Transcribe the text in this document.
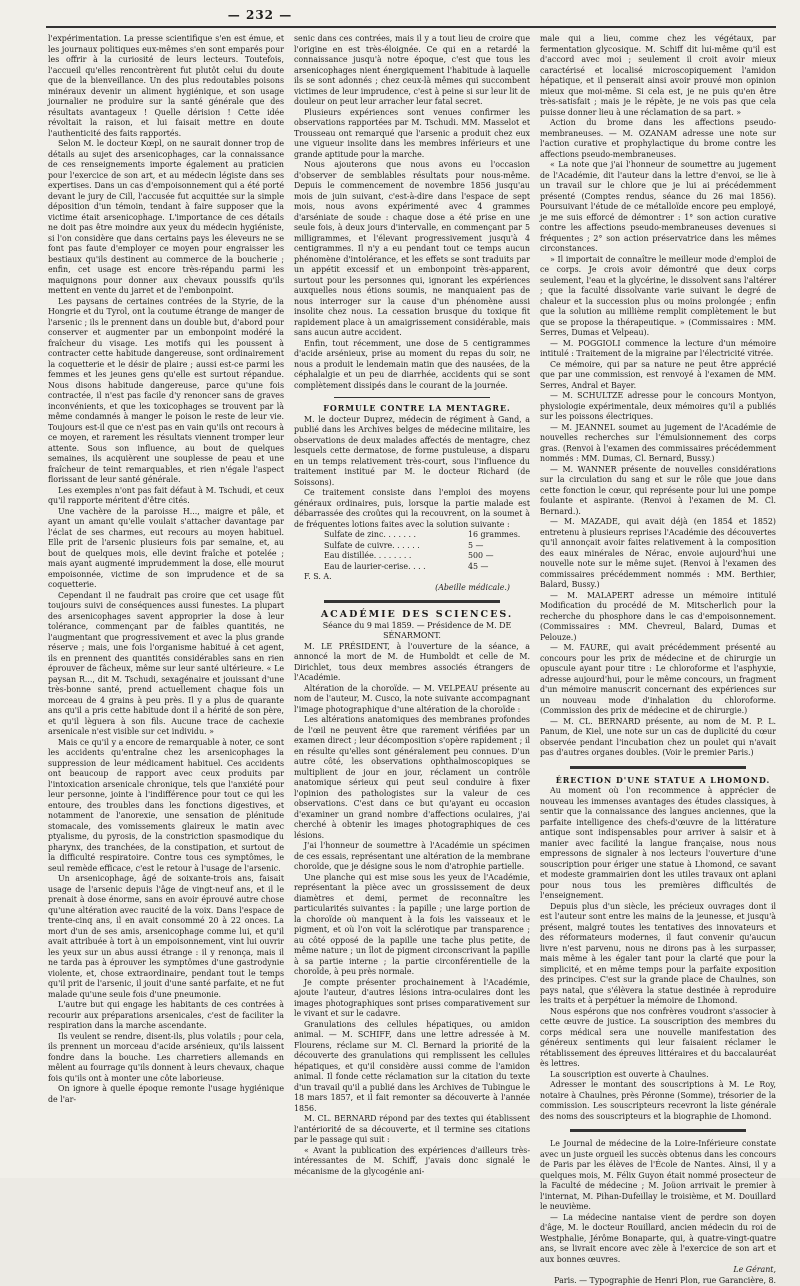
— 232 —

l'expérimentation. La presse scientifique s'en est émue, et les journaux politiques eux-mêmes s'en sont emparés pour les offrir à la curiosité de leurs lecteurs. Toutefois, l'accueil qu'elles rencontrèrent fut plutôt celui du doute que de la bienveillance. Un des plus redoutables poisons minéraux devenir un aliment hygiénique, et son usage journalier ne produire sur la santé générale que des résultats avantageux ! Quelle dérision ! Cette idée révoltait la raison, et lui faisait mettre en doute l'authenticité des faits rapportés.

Selon M. le docteur Kœpl, on ne saurait donner trop de détails au sujet des arsenicophages, car la connaissance de ces renseignements importe également au praticien pour l'exercice de son art, et au médecin légiste dans ses expertises. Dans un cas d'empoisonnement qui a été porté devant le jury de Cill, l'accusée fut acquittée sur la simple déposition d'un témoin, tendant à faire supposer que la victime était arsenicophage. L'importance de ces détails ne doit pas être moindre aux yeux du médecin hygiéniste, si l'on considère que dans certains pays les éleveurs ne se font pas faute d'employer ce moyen pour engraisser les bestiaux qu'ils destinent au commerce de la boucherie ; enfin, cet usage est encore très-répandu parmi les maquignons pour donner aux chevaux poussifs qu'ils mettent en vente du jarret et de l'embonpoint.

Les paysans de certaines contrées de la Styrie, de la Hongrie et du Tyrol, ont la coutume étrange de manger de l'arsenic ; ils le prennent dans un double but, d'abord pour conserver et augmenter par un embonpoint modéré la fraîcheur du visage. Les motifs qui les poussent à contracter cette habitude dangereuse, sont ordinairement la coquetterie et le désir de plaire ; aussi est-ce parmi les femmes et les jeunes gens qu'elle est surtout répandue. Nous disons habitude dangereuse, parce qu'une fois contractée, il n'est pas facile d'y renoncer sans de graves inconvénients, et que les toxicophages se trouvent par là même condamnés à manger le poison le reste de leur vie. Toujours est-il que ce n'est pas en vain qu'ils ont recours à ce moyen, et rarement les résultats viennent tromper leur attente. Sous son influence, au bout de quelques semaines, ils acquièrent une souplesse de peau et une fraîcheur de teint remarquables, et rien n'égale l'aspect florissant de leur santé générale.

Les exemples n'ont pas fait défaut à M. Tschudi, et ceux qu'il rapporte méritent d'être cités.

Une vachère de la paroisse H..., maigre et pâle, et ayant un amant qu'elle voulait s'attacher davantage par l'éclat de ses charmes, eut recours au moyen habituel. Elle prit de l'arsenic plusieurs fois par semaine, et, au bout de quelques mois, elle devint fraîche et potelée ; mais ayant augmenté imprudemment la dose, elle mourut empoisonnée, victime de son imprudence et de sa coquetterie.

Cependant il ne faudrait pas croire que cet usage fût toujours suivi de conséquences aussi funestes. La plupart des arsenicophages savent approprier la dose à leur tolérance, commençant par de faibles quantités, ne l'augmentant que progressivement et avec la plus grande réserve ; mais, une fois l'organisme habitué à cet agent, ils en prennent des quantités considérables sans en rien éprouver de fâcheux, même sur leur santé ultérieure. « Le paysan R..., dit M. Tschudi, sexagénaire et jouissant d'une très-bonne santé, prend actuellement chaque fois un morceau de 4 grains à peu près. Il y a plus de quarante ans qu'il a pris cette habitude dont il a hérité de son père, et qu'il lèguera à son fils. Aucune trace de cachexie arsenicale n'est visible sur cet individu. »

Mais ce qu'il y a encore de remarquable à noter, ce sont les accidents qu'entraîne chez les arsenicophages la suppression de leur médicament habituel. Ces accidents ont beaucoup de rapport avec ceux produits par l'intoxication arsenicale chronique, tels que l'anxiété pour leur personne, jointe à l'indifférence pour tout ce qui les entoure, des troubles dans les fonctions digestives, et notamment de l'anorexie, une sensation de plénitude stomacale, des vomissements glaireux le matin avec ptyalisme, du pyrosis, de la constriction spasmodique du pharynx, des tranchées, de la constipation, et surtout de la difficulté respiratoire. Contre tous ces symptômes, le seul remède efficace, c'est le retour à l'usage de l'arsenic.

Un arsenicophage, âgé de soixante-trois ans, faisait usage de l'arsenic depuis l'âge de vingt-neuf ans, et il le prenait à dose énorme, sans en avoir éprouvé autre chose qu'une altération avec raucité de la voix. Dans l'espace de trente-cinq ans, il en avait consommé 20 à 22 onces. La mort d'un de ses amis, arsenicophage comme lui, et qu'il avait attribuée à tort à un empoisonnement, vint lui ouvrir les yeux sur un abus aussi étrange : il y renonça, mais il ne tarda pas à éprouver les symptômes d'une gastrodynie violente, et, chose extraordinaire, pendant tout le temps qu'il prit de l'arsenic, il jouit d'une santé parfaite, et ne fut malade qu'une seule fois d'une pneumonie.

L'autre but qui engage les habitants de ces contrées à recourir aux préparations arsenicales, c'est de faciliter la respiration dans la marche ascendante.

Ils veulent se rendre, disent-ils, plus volatils ; pour cela, ils prennent un morceau d'acide arsénieux, qu'ils laissent fondre dans la bouche. Les charretiers allemands en mêlent au fourrage qu'ils donnent à leurs chevaux, chaque fois qu'ils ont à monter une côte laborieuse.

On ignore à quelle époque remonte l'usage hygiénique de l'ar-

senic dans ces contrées, mais il y a tout lieu de croire que l'origine en est très-éloignée. Ce qui en a retardé la connaissance jusqu'à notre époque, c'est que tous les arsenicophages nient énergiquement l'habitude à laquelle ils se sont adonnés ; chez ceux-là mêmes qui succombent victimes de leur imprudence, c'est à peine si sur leur lit de douleur on peut leur arracher leur fatal secret.

Plusieurs expériences sont venues confirmer les observations rapportées par M. Tschudi. MM. Masselot et Trousseau ont remarqué que l'arsenic a produit chez eux une vigueur insolite dans les membres inférieurs et une grande aptitude pour la marche.

Nous ajouterons que nous avons eu l'occasion d'observer de semblables résultats pour nous-même. Depuis le commencement de novembre 1856 jusqu'au mois de juin suivant, c'est-à-dire dans l'espace de sept mois, nous avons expérimenté avec 4 grammes d'arséniate de soude : chaque dose a été prise en une seule fois, à deux jours d'intervalle, en commençant par 5 milligrammes, et l'élevant progressivement jusqu'à 4 centigrammes. Il n'y a eu pendant tout ce temps aucun phénomène d'intolérance, et les effets se sont traduits par un appétit excessif et un embonpoint très-apparent, surtout pour les personnes qui, ignorant les expériences auxquelles nous étions soumis, ne manquaient pas de nous interroger sur la cause d'un phénomène aussi insolite chez nous. La cessation brusque du toxique fit rapidement place à un amaigrissement considérable, mais sans aucun autre accident.

Enfin, tout récemment, une dose de 5 centigrammes d'acide arsénieux, prise au moment du repas du soir, ne nous a produit le lendemain matin que des nausées, de la céphalalgie et un peu de diarrhée, accidents qui se sont complètement dissipés dans le courant de la journée.

FORMULE CONTRE LA MENTAGRE.

M. le docteur Duprez, médecin de régiment à Gand, a publié dans les Archives belges de médecine militaire, les observations de deux malades affectés de mentagre, chez lesquels cette dermatose, de forme pustuleuse, a disparu en un temps relativement très-court, sous l'influence du traitement institué par M. le docteur Richard (de Soissons).

Ce traitement consiste dans l'emploi des moyens généraux ordinaires, puis, lorsque la partie malade est débarrassée des croûtes qui la recouvrent, on la soumet à de fréquentes lotions faites avec la solution suivante :

Sulfate de zinc. . . . . . .	16 grammes.
Sulfate de cuivre. . . . . .	5 —
Eau distillée. . . . . . . .	500 —
Eau de laurier-cerise. . . .	45 —

F. S. A.

(Abeille médicale.)

ACADÉMIE DES SCIENCES.

Séance du 9 mai 1859. — Présidence de M. DE SÉNARMONT.

M. LE PRÉSIDENT, à l'ouverture de la séance, a annoncé la mort de M. de Humboldt et celle de M. Dirichlet, tous deux membres associés étrangers de l'Académie.

Altération de la choroïde. — M. VELPEAU présente au nom de l'auteur, M. Cusco, la note suivante accompagnant l'image photographique d'une altération de la choroïde :

Les altérations anatomiques des membranes profondes de l'œil ne peuvent être que rarement vérifiées par un examen direct ; leur décomposition s'opère rapidement ; il en résulte qu'elles sont généralement peu connues. D'un autre côté, les observations ophthalmoscopiques se multiplient de jour en jour, réclament un contrôle anatomique sérieux qui peut seul conduire à fixer l'opinion des pathologistes sur la valeur de ces observations. C'est dans ce but qu'ayant eu occasion d'examiner un grand nombre d'affections oculaires, j'ai cherché à obtenir les images photographiques de ces lésions.

J'ai l'honneur de soumettre à l'Académie un spécimen de ces essais, représentant une altération de la membrane choroïde, que je désigne sous le nom d'atrophie partielle.

Une planche qui est mise sous les yeux de l'Académie, représentant la pièce avec un grossissement de deux diamètres et demi, permet de reconnaître les particularités suivantes : la papille ; une large portion de la choroïde où manquent à la fois les vaisseaux et le pigment, et où l'on voit la sclérotique par transparence ; au côté opposé de la papille une tache plus petite, de même nature ; un îlot de pigment circonscrivant la papille à sa partie interne ; la partie circonférentielle de la choroïde, à peu près normale.

Je compte présenter prochainement à l'Académie, ajoute l'auteur, d'autres lésions intra-oculaires dont les images photographiques sont prises comparativement sur le vivant et sur le cadavre.

Granulations des cellules hépatiques, ou amidon animal. — M. SCHIFF, dans une lettre adressée à M. Flourens, réclame sur M. Cl. Bernard la priorité de la découverte des granulations qui remplissent les cellules hépatiques, et qu'il considère aussi comme de l'amidon animal. Il fonde cette réclamation sur la citation du texte d'un travail qu'il a publié dans les Archives de Tubingue le 18 mars 1857, et il fait remonter sa découverte à l'année 1856.

M. CL. BERNARD répond par des textes qui établissent l'antériorité de sa découverte, et il termine ses citations par le passage qui suit :

« Avant la publication des expériences d'ailleurs très-intéressantes de M. Schiff, j'avais donc signalé le mécanisme de la glycogénie ani-

male qui a lieu, comme chez les végétaux, par fermentation glycosique. M. Schiff dit lui-même qu'il est d'accord avec moi ; seulement il croit avoir mieux caractérisé et localisé microscopiquement l'amidon hépatique, et il penserait ainsi avoir prouvé mon opinion mieux que moi-même. Si cela est, je ne puis qu'en être très-satisfait ; mais je le répète, je ne vois pas que cela puisse donner lieu à une réclamation de sa part. »

Action du brome dans les affections pseudo-membraneuses. — M. OZANAM adresse une note sur l'action curative et prophylactique du brome contre les affections pseudo-membraneuses.

« La note que j'ai l'honneur de soumettre au jugement de l'Académie, dit l'auteur dans la lettre d'envoi, se lie à un travail sur le chlore que je lui ai précédemment présenté (Comptes rendus, séance du 26 mai 1856). Poursuivant l'étude de ce métalloïde encore peu employé, je me suis efforcé de démontrer : 1° son action curative contre les affections pseudo-membraneuses devenues si fréquentes ; 2° son action préservatrice dans les mêmes circonstances.

» Il importait de connaître le meilleur mode d'emploi de ce corps. Je crois avoir démontré que deux corps seulement, l'eau et la glycérine, le dissolvent sans l'altérer ; que la faculté dissolvante varie suivant le degré de chaleur et la succession plus ou moins prolongée ; enfin que la solution au millième remplit complètement le but que se propose la thérapeutique. » (Commissaires : MM. Serres, Dumas et Velpeau).

— M. POGGIOLI commence la lecture d'un mémoire intitulé : Traitement de la migraine par l'électricité vitrée.

Ce mémoire, qui par sa nature ne peut être apprécié que par une commission, est renvoyé à l'examen de MM. Serres, Andral et Bayer.

— M. SCHULTZE adresse pour le concours Montyon, physiologie expérimentale, deux mémoires qu'il a publiés sur les poissons électriques.

— M. JEANNEL soumet au jugement de l'Académie de nouvelles recherches sur l'émulsionnement des corps gras. (Renvoi à l'examen des commissaires précédemment nommés : MM. Dumas, Cl. Bernard, Bussy.)

— M. WANNER présente de nouvelles considérations sur la circulation du sang et sur le rôle que joue dans cette fonction le cœur, qui représente pour lui une pompe foulante et aspirante. (Renvoi à l'examen de M. Cl. Bernard.).

— M. MAZADE, qui avait déjà (en 1854 et 1852) entretenu à plusieurs reprises l'Académie des découvertes qu'il annonçait avoir faites relativement à la composition des eaux minérales de Nérac, envoie aujourd'hui une nouvelle note sur le même sujet. (Renvoi à l'examen des commissaires précédemment nommés : MM. Berthier, Balard, Bussy.)

— M. MALAPERT adresse un mémoire intitulé Modification du procédé de M. Mitscherlich pour la recherche du phosphore dans le cas d'empoisonnement. (Commissaires : MM. Chevreul, Balard, Dumas et Pelouze.)

— M. FAURE, qui avait précédemment présenté au concours pour les prix de médecine et de chirurgie un opuscule ayant pour titre : Le chloroforme et l'asphyxie, adresse aujourd'hui, pour le même concours, un fragment d'un mémoire manuscrit concernant des expériences sur un nouveau mode d'inhalation du chloroforme. (Commission des prix de médecine et de chirurgie.)

— M. CL. BERNARD présente, au nom de M. P. L. Panum, de Kiel, une note sur un cas de duplicité du cœur observée pendant l'incubation chez un poulet qui n'avait pas d'autres organes doubles. (Voir le premier Paris.)

ÉRECTION D'UNE STATUE A LHOMOND.

Au moment où l'on recommence à apprécier de nouveau les immenses avantages des études classiques, à sentir que la connaissance des langues anciennes, que la parfaite intelligence des chefs-d'œuvre de la littérature antique sont indispensables pour arriver à saisir et à manier avec facilité la langue française, nous nous empressons de signaler à nos lecteurs l'ouverture d'une souscription pour ériger une statue à Lhomond, ce savant et modeste grammairien dont les utiles travaux ont aplani pour nous tous les premières difficultés de l'enseignement.

Depuis plus d'un siècle, les précieux ouvrages dont il est l'auteur sont entre les mains de la jeunesse, et jusqu'à présent, malgré toutes les tentatives des innovateurs et des réformateurs modernes, il faut convenir qu'aucun livre n'est parvenu, nous ne dirons pas à les surpasser, mais même à les égaler tant pour la clarté que pour la simplicité, et en même temps pour la parfaite exposition des principes. C'est sur la grande place de Chaulnes, son pays natal, que s'élèvera la statue destinée à reproduire les traits et à perpétuer la mémoire de Lhomond.

Nous espérons que nos confrères voudront s'associer à cette œuvre de justice. La souscription des membres du corps médical sera une nouvelle manifestation des généreux sentiments qui leur faisaient réclamer le rétablissement des épreuves littéraires et du baccalauréat ès lettres.

La souscription est ouverte à Chaulnes.

Adresser le montant des souscriptions à M. Le Roy, notaire à Chaulnes, près Péronne (Somme), trésorier de la commission. Les souscripteurs recevront la liste générale des noms des souscripteurs et la biographie de Lhomond.

Le Journal de médecine de la Loire-Inférieure constate avec un juste orgueil les succès obtenus dans les concours de Paris par les élèves de l'École de Nantes. Ainsi, il y a quelques mois, M. Félix Guyon était nommé prosecteur de la Faculté de médecine ; M. Joüon arrivait le premier à l'internat, M. Pihan-Dufeillay le troisième, et M. Douillard le neuvième.

— La médecine nantaise vient de perdre son doyen d'âge, M. le docteur Rouillard, ancien médecin du roi de Westphalie, Jérôme Bonaparte, qui, à quatre-vingt-quatre ans, se livrait encore avec zèle à l'exercice de son art et aux bonnes œuvres.

Le Gérant,

Paris. — Typographie de Henri Plon, rue Garancière, 8.
